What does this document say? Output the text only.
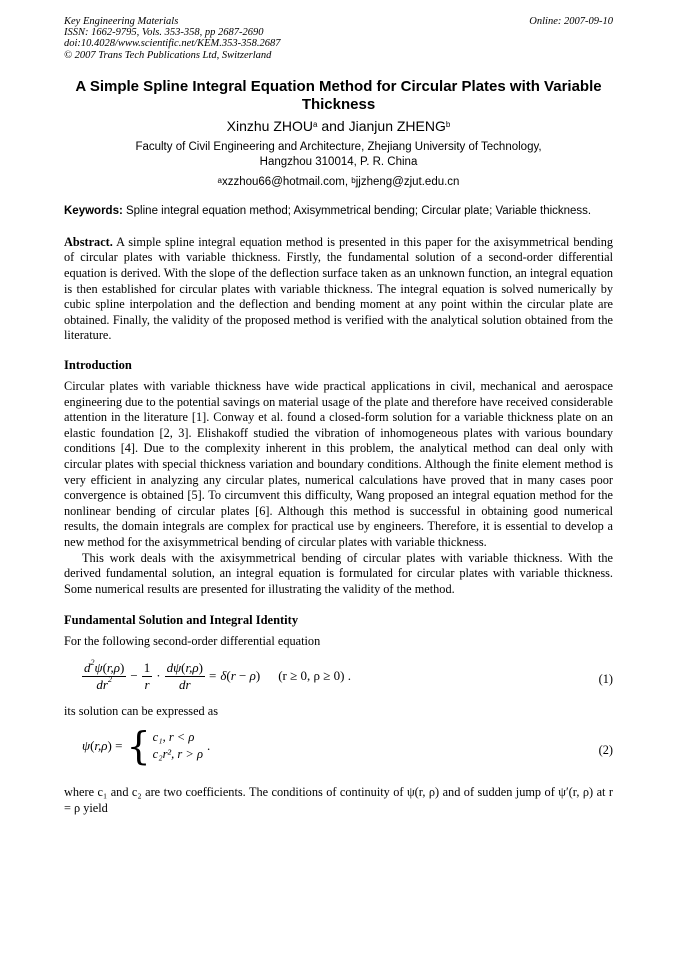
Key Engineering Materials
ISSN: 1662-9795, Vols. 353-358, pp 2687-2690
doi:10.4028/www.scientific.net/KEM.353-358.2687
© 2007 Trans Tech Publications Ltd, Switzerland
Online: 2007-09-10
A Simple Spline Integral Equation Method for Circular Plates with Variable Thickness
Xinzhu ZHOU$^a$ and Jianjun ZHENG$^b$
Faculty of Civil Engineering and Architecture, Zhejiang University of Technology,
Hangzhou 310014, P. R. China
$^a$xzzhou66@hotmail.com, $^b$jjzheng@zjut.edu.cn
Keywords: Spline integral equation method; Axisymmetrical bending; Circular plate; Variable thickness.
Abstract. A simple spline integral equation method is presented in this paper for the axisymmetrical bending of circular plates with variable thickness. Firstly, the fundamental solution of a second-order differential equation is derived. With the slope of the deflection surface taken as an unknown function, an integral equation is then established for circular plates with variable thickness. The integral equation is solved numerically by cubic spline interpolation and the deflection and bending moment at any point within the circular plate are obtained. Finally, the validity of the proposed method is verified with the analytical solution obtained from the literature.
Introduction
Circular plates with variable thickness have wide practical applications in civil, mechanical and aerospace engineering due to the potential savings on material usage of the plate and therefore have received considerable attention in the literature [1]. Conway et al. found a closed-form solution for a variable thickness plate on an elastic foundation [2, 3]. Elishakoff studied the vibration of inhomogeneous plates with various boundary conditions [4]. Due to the complexity inherent in this problem, the analytical method can deal only with circular plates with special thickness variation and boundary conditions. Although the finite element method is very efficient in analyzing any circular plates, numerical calculations have proved that in many cases poor convergence is obtained [5]. To circumvent this difficulty, Wang proposed an integral equation method for the nonlinear bending of circular plates [6]. Although this method is successful in obtaining good numerical results, the domain integrals are complex for practical use by engineers. Therefore, it is essential to develop a new method for the axisymmetrical bending of circular plates with variable thickness.
This work deals with the axisymmetrical bending of circular plates with variable thickness. With the derived fundamental solution, an integral equation is formulated for circular plates with variable thickness. Some numerical results are presented for illustrating the validity of the method.
Fundamental Solution and Integral Identity
For the following second-order differential equation
$\frac{d^2\psi(r,\rho)}{dr^2} - \frac{1}{r} \cdot \frac{d\psi(r,\rho)}{dr} = \delta(r - \rho) (r \ge 0$, ρ ≥ 0) .	(1)
its solution can be expressed as
ψ(r,ρ) = { c₁, r < ρ
c₂r², r > ρ
.	(2)
where c₁ and c₂ are two coefficients. The conditions of continuity of ψ(r, ρ) and of sudden jump of ψ′(r, ρ) at r = ρ yield
